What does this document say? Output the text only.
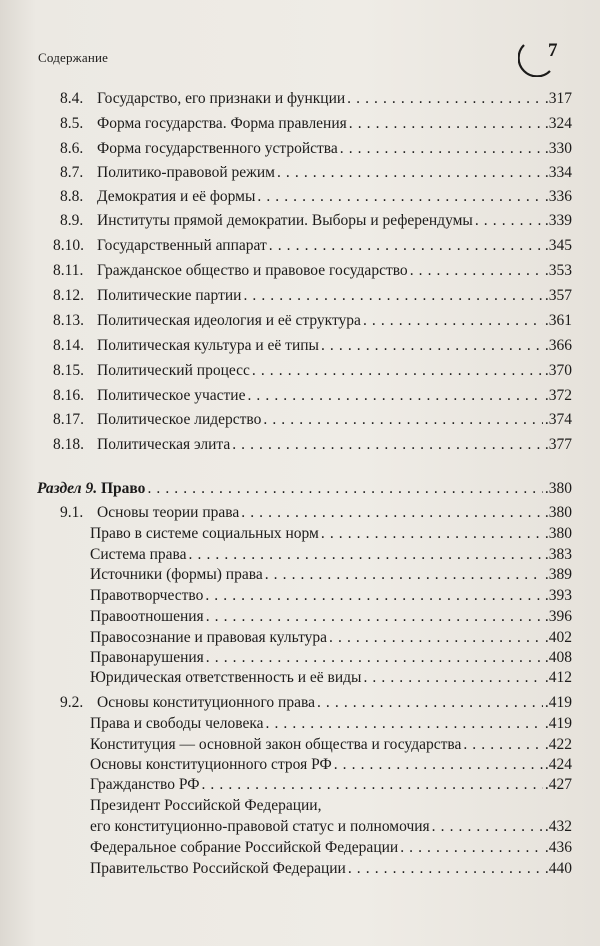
Содержание	7
8.4. Государство, его признаки и функции . . .	.317
8.5. Форма государства. Форма правления . . .	.324
8.6. Форма государственного устройства . . .	.330
8.7. Политико-правовой режим . . .	.334
8.8. Демократия и её формы . . .	.336
8.9. Институты прямой демократии. Выборы и референдумы . . .	.339
8.10. Государственный аппарат . . .	.345
8.11. Гражданское общество и правовое государство . . .	.353
8.12. Политические партии . . .	.357
8.13. Политическая идеология и её структура . . .	.361
8.14. Политическая культура и её типы . . .	.366
8.15. Политический процесс . . .	.370
8.16. Политическое участие . . .	.372
8.17. Политическое лидерство . . .	.374
8.18. Политическая элита . . .	.377
Раздел 9. Право . . .	.380
9.1. Основы теории права . . .	.380
Право в системе социальных норм . . .	.380
Система права . . .	.383
Источники (формы) права . . .	.389
Правотворчество . . .	.393
Правоотношения . . .	.396
Правосознание и правовая культура . . .	.402
Правонарушения . . .	.408
Юридическая ответственность и её виды . . .	.412
9.2. Основы конституционного права . . .	.419
Права и свободы человека . . .	.419
Конституция — основной закон общества и государства . . .	.422
Основы конституционного строя РФ . . .	.424
Гражданство РФ . . .	.427
Президент Российской Федерации,
его конституционно-правовой статус и полномочия . . .	.432
Федеральное собрание Российской Федерации . . .	.436
Правительство Российской Федерации . . .	.440
